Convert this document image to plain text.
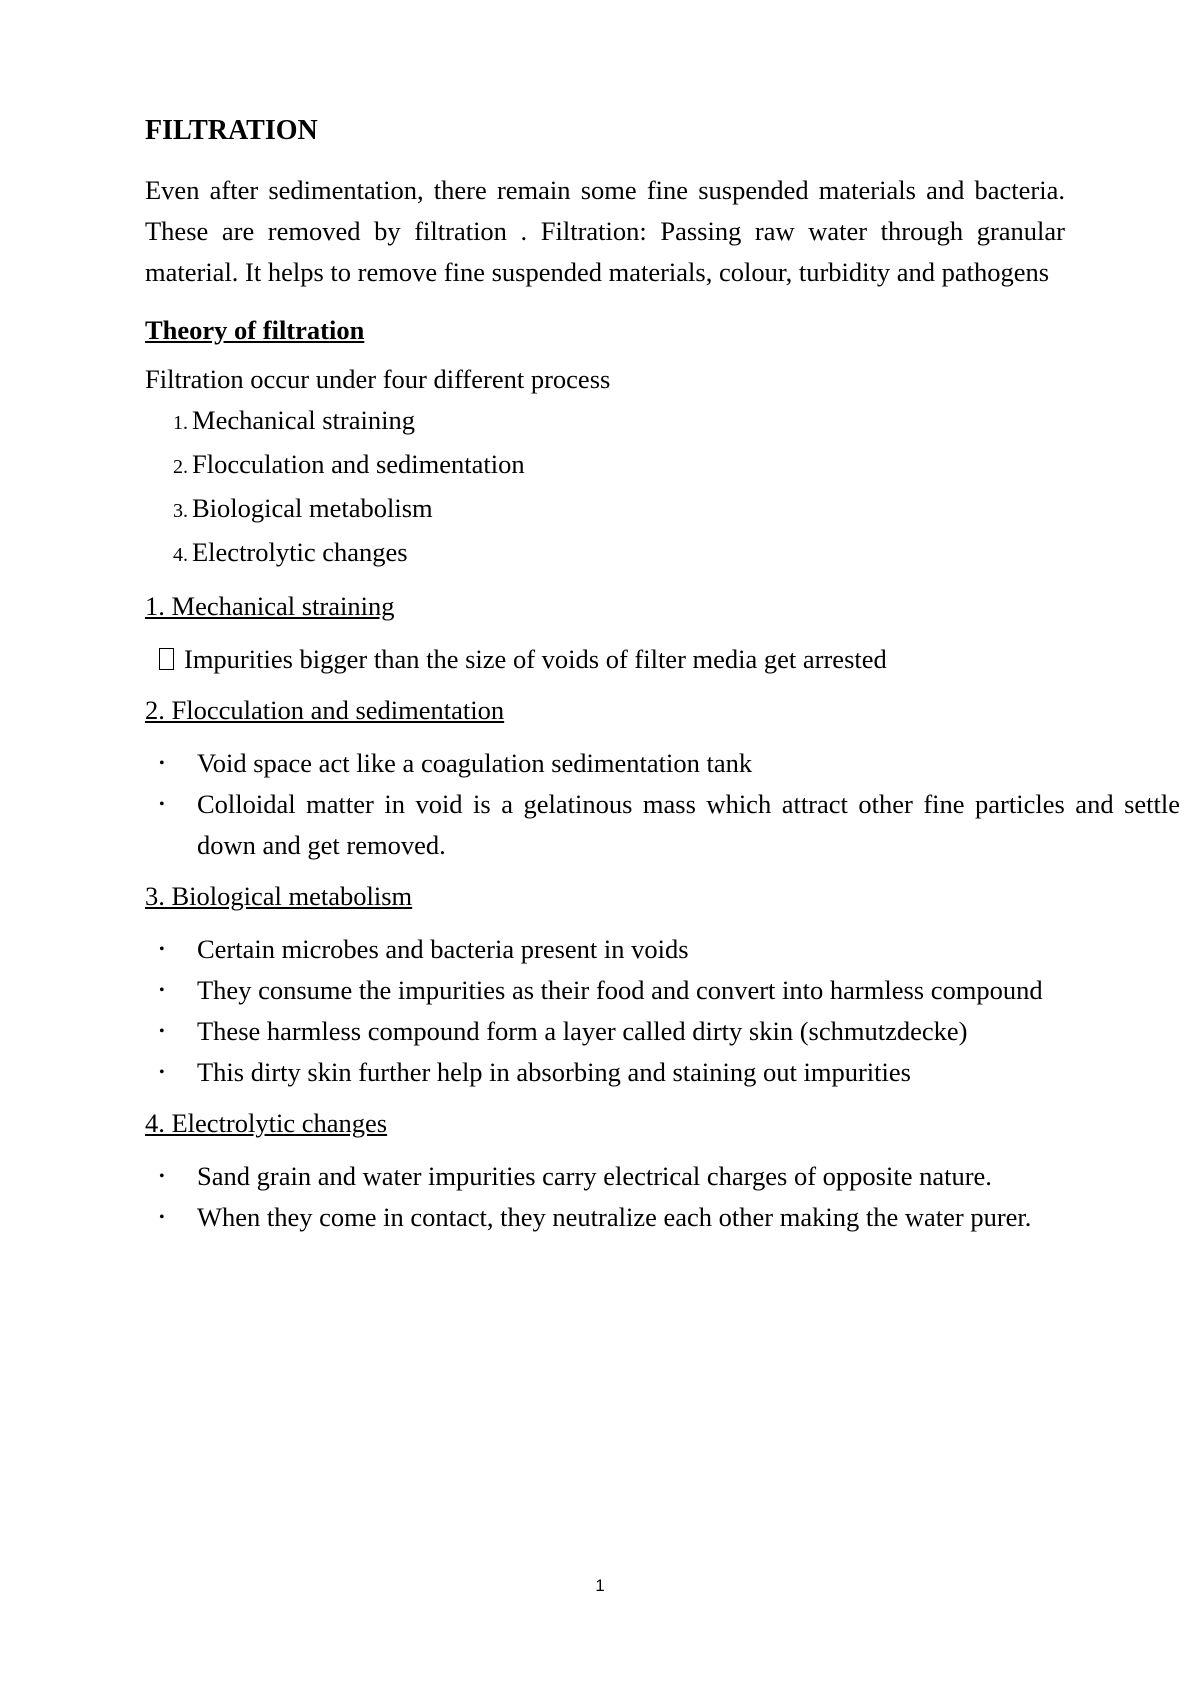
FILTRATION

Even after sedimentation, there remain some fine suspended materials and bacteria. These are removed by filtration . Filtration: Passing raw water through granular material. It helps to remove fine suspended materials, colour, turbidity and pathogens

Theory of filtration

Filtration occur under four different process

1. Mechanical straining
2. Flocculation and sedimentation
3. Biological metabolism
4. Electrolytic changes
1. Mechanical straining
Impurities bigger than the size of voids of filter media get arrested
2. Flocculation and sedimentation
• Void space act like a coagulation sedimentation tank
• Colloidal matter in void is a gelatinous mass which attract other fine particles and settle down and get removed.
3. Biological metabolism
• Certain microbes and bacteria present in voids
• They consume the impurities as their food and convert into harmless compound
• These harmless compound form a layer called dirty skin (schmutzdecke)
• This dirty skin further help in absorbing and staining out impurities
4. Electrolytic changes
• Sand grain and water impurities carry electrical charges of opposite nature.
• When they come in contact, they neutralize each other making the water purer.
1
